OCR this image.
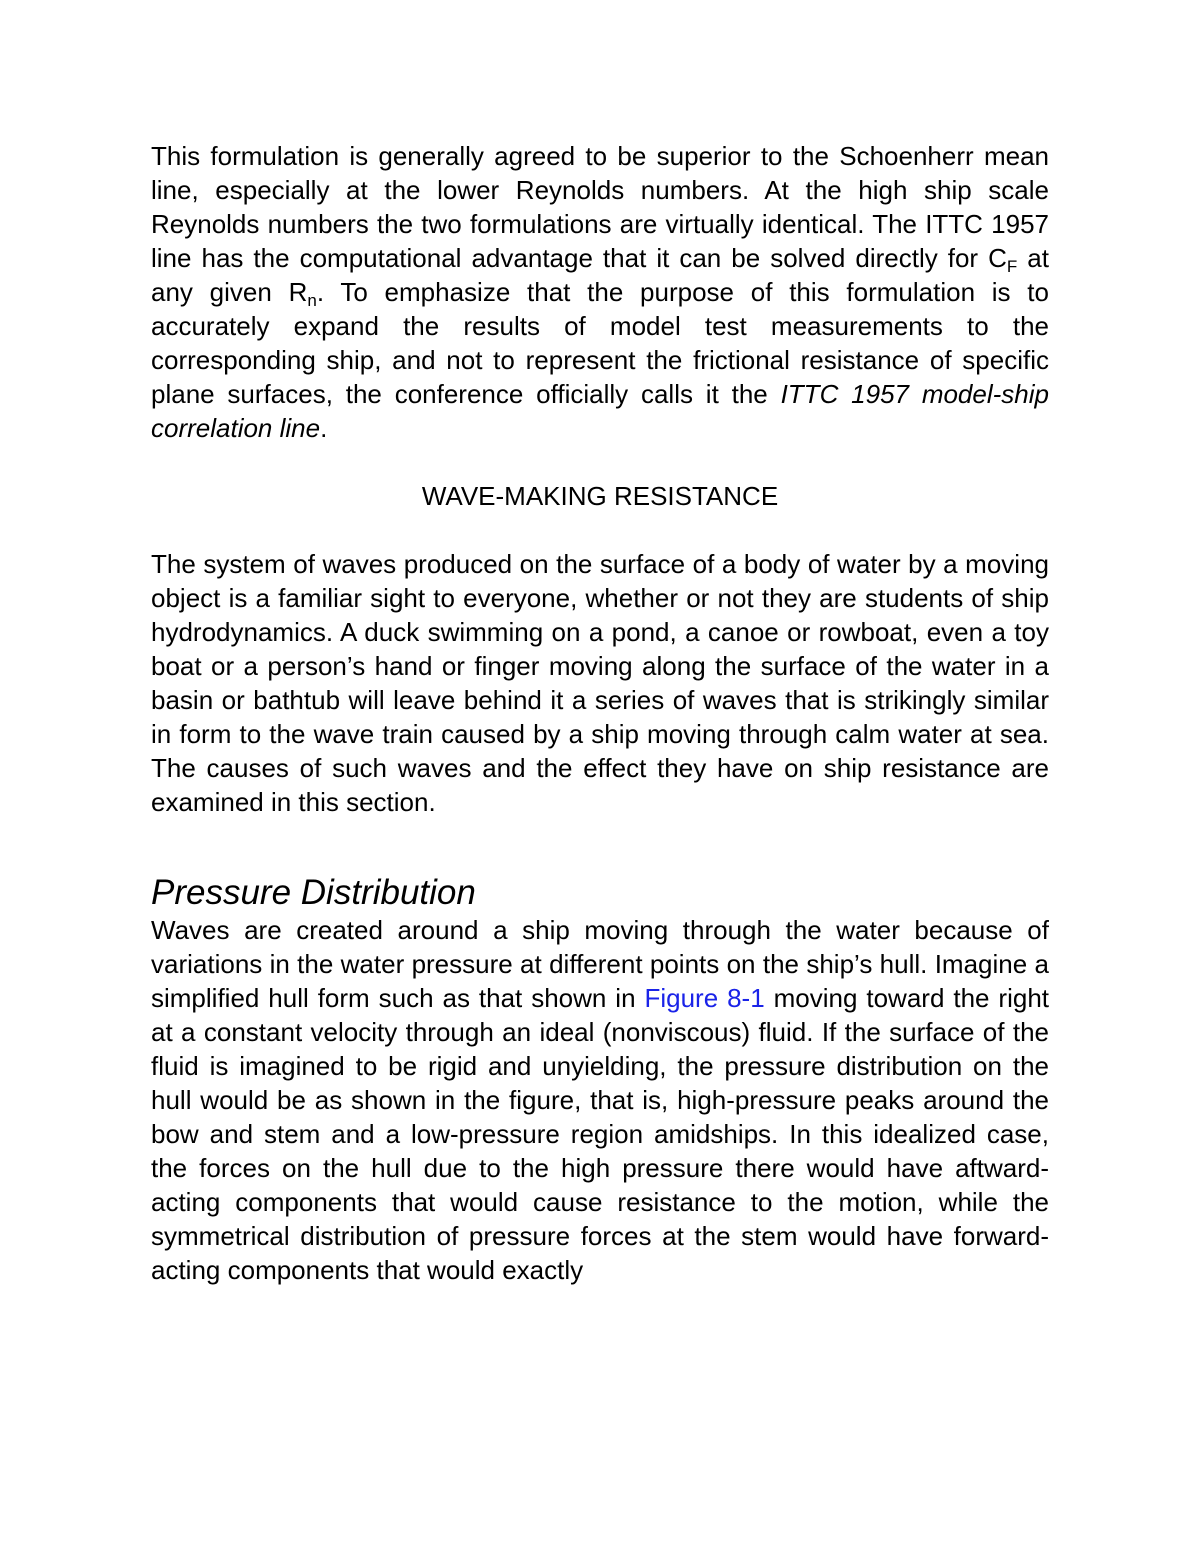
This formulation is generally agreed to be superior to the Schoenherr mean line, especially at the lower Reynolds numbers. At the high ship scale Reynolds numbers the two formulations are virtually identical. The ITTC 1957 line has the computational advantage that it can be solved directly for $C_F$ at any given $R_n$. To emphasize that the purpose of this formulation is to accurately expand the results of model test measurements to the corresponding ship, and not to represent the frictional resistance of specific plane surfaces, the conference officially calls it the ITTC 1957 model-ship correlation line.

WAVE-MAKING RESISTANCE

The system of waves produced on the surface of a body of water by a moving object is a familiar sight to everyone, whether or not they are students of ship hydrodynamics. A duck swimming on a pond, a canoe or rowboat, even a toy boat or a person’s hand or finger moving along the surface of the water in a basin or bathtub will leave behind it a series of waves that is strikingly similar in form to the wave train caused by a ship moving through calm water at sea. The causes of such waves and the effect they have on ship resistance are examined in this section.

Pressure Distribution

Waves are created around a ship moving through the water because of variations in the water pressure at different points on the ship’s hull. Imagine a simplified hull form such as that shown in Figure 8-1 moving toward the right at a constant velocity through an ideal (nonviscous) fluid. If the surface of the fluid is imagined to be rigid and unyielding, the pressure distribution on the hull would be as shown in the figure, that is, high-pressure peaks around the bow and stem and a low-pressure region amidships. In this idealized case, the forces on the hull due to the high pressure there would have aftward-acting components that would cause resistance to the motion, while the symmetrical distribution of pressure forces at the stem would have forward-acting components that would exactly
